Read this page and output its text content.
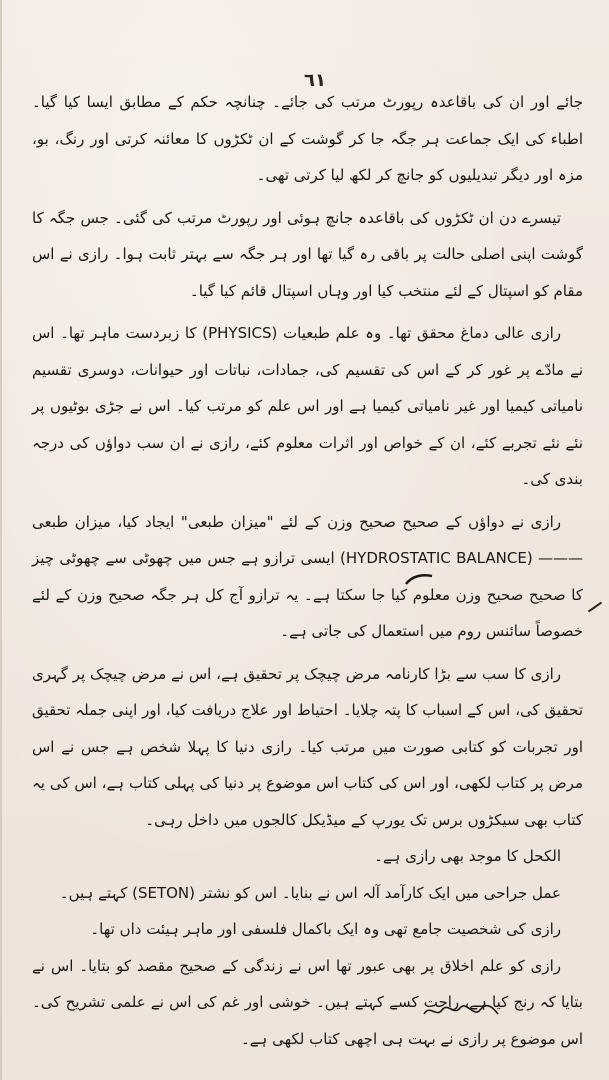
٦١

جائے اور ان کی باقاعدہ رپورٹ مرتب کی جائے۔ چنانچہ حکم کے مطابق ایسا کیا گیا۔ اطباء کی ایک جماعت ہر جگہ جا کر گوشت کے ان ٹکڑوں کا معائنہ کرتی اور رنگ، بو، مزہ اور دیگر تبدیلیوں کو جانچ کر لکھ لیا کرتی تھی۔

تیسرے دن ان ٹکڑوں کی باقاعدہ جانچ ہوئی اور رپورٹ مرتب کی گئی۔ جس جگہ کا گوشت اپنی اصلی حالت پر باقی رہ گیا تھا اور ہر جگہ سے بہتر ثابت ہوا۔ رازی نے اس مقام کو اسپتال کے لئے منتخب کیا اور وہاں اسپتال قائم کیا گیا۔

رازی عالی دماغ محقق تھا۔ وہ علم طبعیات (PHYSICS) کا زبردست ماہر تھا۔ اس نے مادّے پر غور کر کے اس کی تقسیم کی، جمادات، نباتات اور حیوانات، دوسری تقسیم نامیاتی کیمیا اور غیر نامیاتی کیمیا ہے اور اس علم کو مرتب کیا۔ اس نے جڑی بوٹیوں پر نئے نئے تجربے کئے، ان کے خواص اور اثرات معلوم کئے، رازی نے ان سب دواؤں کی درجہ بندی کی۔

رازی نے دواؤں کے صحیح صحیح وزن کے لئے "میزان طبعی" ایجاد کیا، میزان طبعی ——— (HYDROSTATIC BALANCE) ایسی ترازو ہے جس میں چھوٹی سے چھوٹی چیز کا صحیح صحیح وزن معلوم کیا جا سکتا ہے۔ یہ ترازو آج کل ہر جگہ صحیح وزن کے لئے خصوصاً سائنس روم میں استعمال کی جاتی ہے۔

رازی کا سب سے بڑا کارنامہ مرض چیچک پر تحقیق ہے، اس نے مرض چیچک پر گہری تحقیق کی، اس کے اسباب کا پتہ چلایا۔ احتیاط اور علاج دریافت کیا، اور اپنی جملہ تحقیق اور تجربات کو کتابی صورت میں مرتب کیا۔ رازی دنیا کا پہلا شخص ہے جس نے اس مرض پر کتاب لکھی، اور اس کی کتاب اس موضوع پر دنیا کی پہلی کتاب ہے، اس کی یہ کتاب بھی سیکڑوں برس تک یورپ کے میڈیکل کالجوں میں داخل رہی۔

الکحل کا موجد بھی رازی ہے۔

عمل جراحی میں ایک کارآمد آلہ اس نے بنایا۔ اس کو نشتر (SETON) کہتے ہیں۔

رازی کی شخصیت جامع تھی وہ ایک باکمال فلسفی اور ماہر ہیئت داں تھا۔

رازی کو علم اخلاق پر بھی عبور تھا اس نے زندگی کے صحیح مقصد کو بتایا۔ اس نے بتایا کہ رنج کیا ہے، راحت کسے کہتے ہیں۔ خوشی اور غم کی اس نے علمی تشریح کی۔ اس موضوع پر رازی نے بہت ہی اچھی کتاب لکھی ہے۔
